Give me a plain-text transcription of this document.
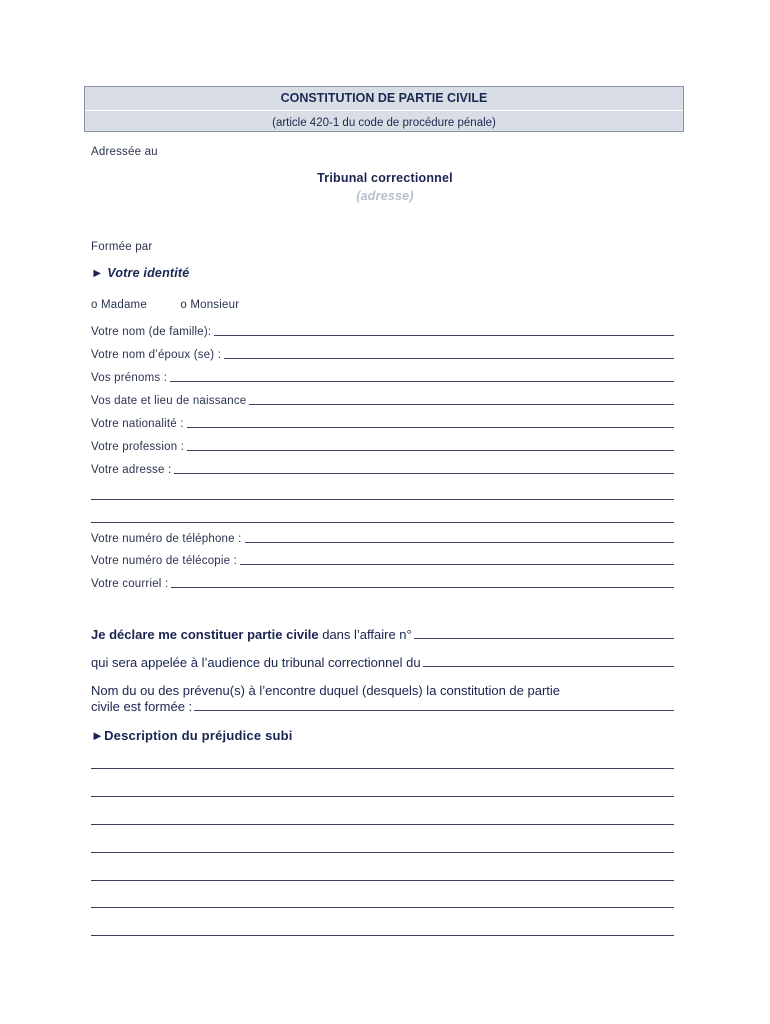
CONSTITUTION DE PARTIE CIVILE
(article 420-1 du code de procédure pénale)
Adressée au
Tribunal correctionnel
(adresse)
Formée par
► Votre identité
o Madame	o Monsieur
Votre nom (de famille):
Votre nom d’époux (se) :
Vos prénoms :
Vos date et lieu de naissance
Votre nationalité :
Votre profession :
Votre adresse :
Votre numéro de téléphone :
Votre numéro de télécopie :
Votre courriel :
Je déclare me constituer partie civile dans l’affaire n°
qui sera appelée à l’audience du tribunal correctionnel du
Nom du ou des prévenu(s) à l’encontre duquel (desquels) la constitution de partie
civile est formée :
►Description du préjudice subi
